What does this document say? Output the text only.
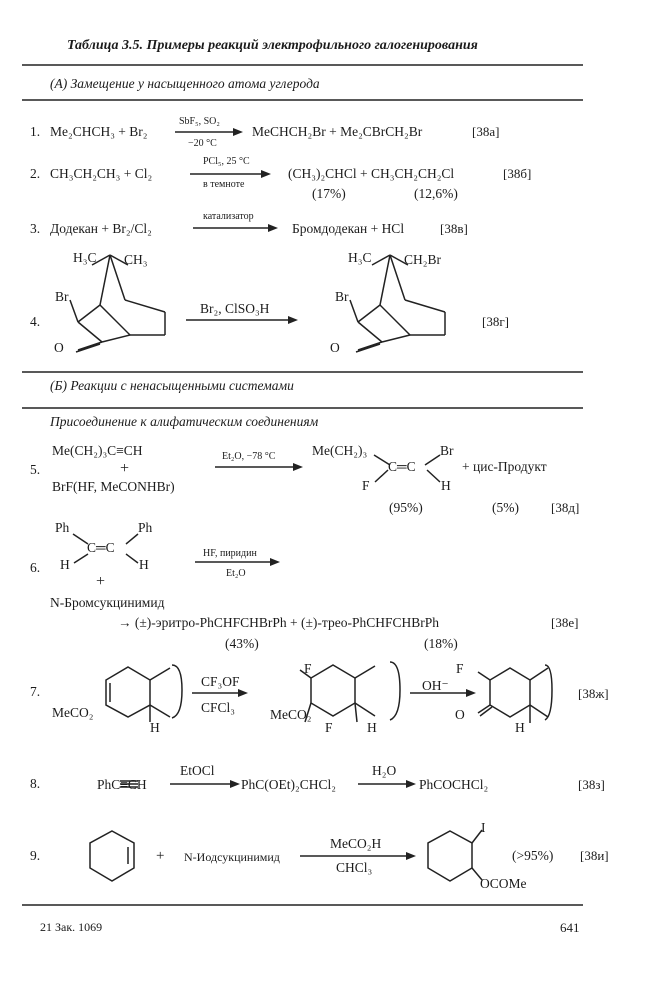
Таблица 3.5. Примеры реакций электрофильного галогенирования
(А) Замещение у насыщенного атома углерода
(Б) Реакции с ненасыщенными системами
Присоединение к алифатическим соединениям
1. Me₂CHCH₃ + Br₂
SbF₅, SO₂
−20 °C
MeCHCH₂Br + Me₂CBrCH₂Br	[38а]
2. CH₃CH₂CH₃ + Cl₂
PCl₅, 25 °C
в темноте
(CH₃)₂CHCl + CH₃CH₂CH₂Cl	[38б]
(17%)	(12,6%)
3. Додекан + Br₂/Cl₂
катализатор
Бромдодекан + HCl	[38в]
4.
H₃C CH₃
Br
O
Br₂, ClSO₃H
H₃C CH₂Br
Br
O
[38г]
5.
Me(CH₂)₃C≡CH
+
BrF(HF, MeCONHBr)
Et₂O, −78 °C	Me(CH₂)₃	Br
C═C
F	H
+ цис-Продукт
(95%)	(5%) [38д]
6.
Ph	Ph
C═C
H	H
+
N-Бромсукцинимид
HF, пиридин
Et₂O
→ (±)-эритро-PhCHFCHBrPh + (±)-трео-PhCHFCHBrPh
(43%)	(18%)
[38е]
7.
MeCO₂
H
CF₃OF
CFCl₃
F
MeCO₂
F	H
OH⁻
F
O
H
[38ж]
8.	PhC≡CH
EtOCl
PhC(OEt)₂CHCl₂
H₂O
PhCOCHCl₂	[38з]
9.	+ N-Иодсукцинимид
MeCO₂H
CHCl₃
I
OCOMe
(>95%) [38и]
21 Зак. 1069	641
